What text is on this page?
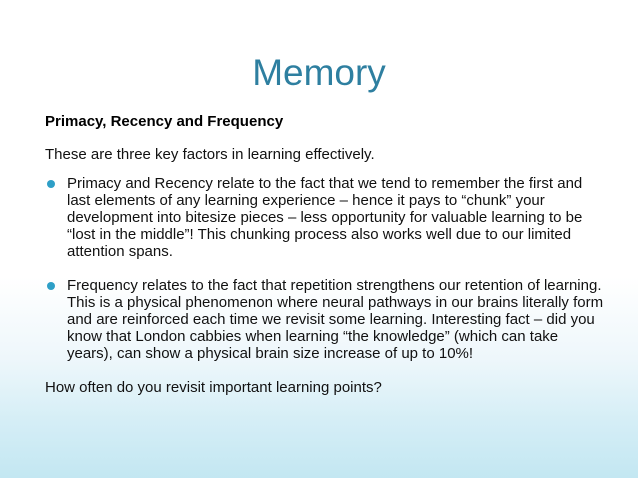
Memory
Primacy, Recency and Frequency
These are three key factors in learning effectively.
Primacy and Recency relate to the fact that we tend to remember the first and last elements of any learning experience – hence it pays to “chunk” your development into bitesize pieces – less opportunity for valuable learning to be “lost in the middle”! This chunking process also works well due to our limited attention spans.
Frequency relates to the fact that repetition strengthens our retention of learning. This is a physical phenomenon where neural pathways in our brains literally form and are reinforced each time we revisit some learning. Interesting fact – did you know that London cabbies when learning “the knowledge” (which can take years), can show a physical brain size increase of up to 10%!
How often do you revisit important learning points?
